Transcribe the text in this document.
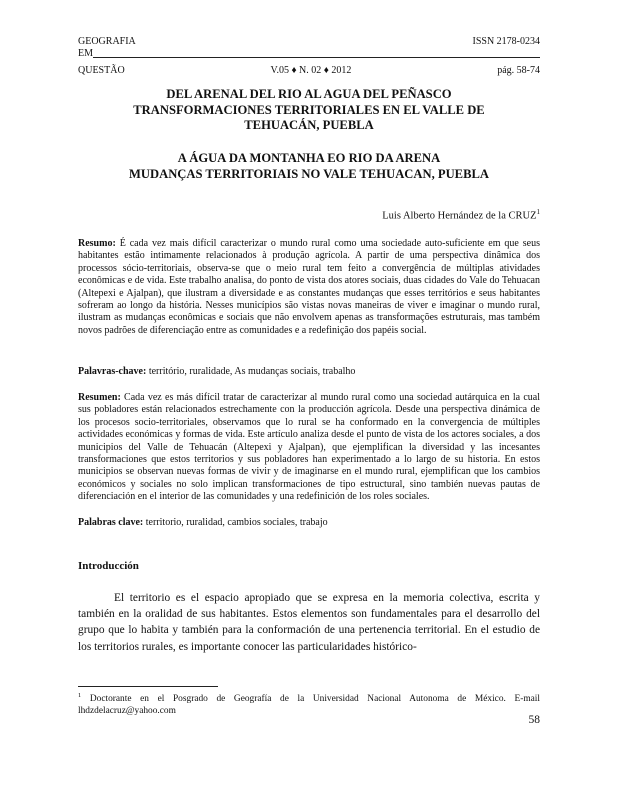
GEOGRAFIA	ISSN 2178-0234
EM
QUESTÃO	V.05 ♦ N. 02 ♦ 2012	pág. 58-74
DEL ARENAL DEL RIO AL AGUA DEL PEÑASCO
TRANSFORMACIONES TERRITORIALES EN EL VALLE DE
TEHUACÁN, PUEBLA
A ÁGUA DA MONTANHA EO RIO DA ARENA
MUDANÇAS TERRITORIAIS NO VALE TEHUACAN, PUEBLA
Luis Alberto Hernández de la CRUZ$^1$

Resumo: É cada vez mais difícil caracterizar o mundo rural como uma sociedade auto-suficiente em que seus habitantes estão intimamente relacionados à produção agrícola. A partir de uma perspectiva dinâmica dos processos sócio-territoriais, observa-se que o meio rural tem feito a convergência de múltiplas atividades econômicas e de vida. Este trabalho analisa, do ponto de vista dos atores sociais, duas cidades do Vale do Tehuacan (Altepexi e Ajalpan), que ilustram a diversidade e as constantes mudanças que esses territórios e seus habitantes sofreram ao longo da história. Nesses municípios são vistas novas maneiras de viver e imaginar o mundo rural, ilustram as mudanças econômicas e sociais que não envolvem apenas as transformações estruturais, mas também novos padrões de diferenciação entre as comunidades e a redefinição dos papéis social.

Palavras-chave: território, ruralidade, As mudanças sociais, trabalho

Resumen: Cada vez es más difícil tratar de caracterizar al mundo rural como una sociedad autárquica en la cual sus pobladores están relacionados estrechamente con la producción agrícola. Desde una perspectiva dinámica de los procesos socio-territoriales, observamos que lo rural se ha conformado en la convergencia de múltiples actividades económicas y formas de vida. Este artículo analiza desde el punto de vista de los actores sociales, a dos municipios del Valle de Tehuacán (Altepexi y Ajalpan), que ejemplifican la diversidad y las incesantes transformaciones que estos territorios y sus pobladores han experimentado a lo largo de su historia. En estos municipios se observan nuevas formas de vivir y de imaginarse en el mundo rural, ejemplifican que los cambios económicos y sociales no solo implican transformaciones de tipo estructural, sino también nuevas pautas de diferenciación en el interior de las comunidades y una redefinición de los roles sociales.

Palabras clave: territorio, ruralidad, cambios sociales, trabajo

Introducción

El territorio es el espacio apropiado que se expresa en la memoria colectiva, escrita y también en la oralidad de sus habitantes. Estos elementos son fundamentales para el desarrollo del grupo que lo habita y también para la conformación de una pertenencia territorial. En el estudio de los territorios rurales, es importante conocer las particularidades histórico-

$^1$ Doctorante en el Posgrado de Geografía de la Universidad Nacional Autonoma de México. E-mail lhdzdelacruz@yahoo.com

58
